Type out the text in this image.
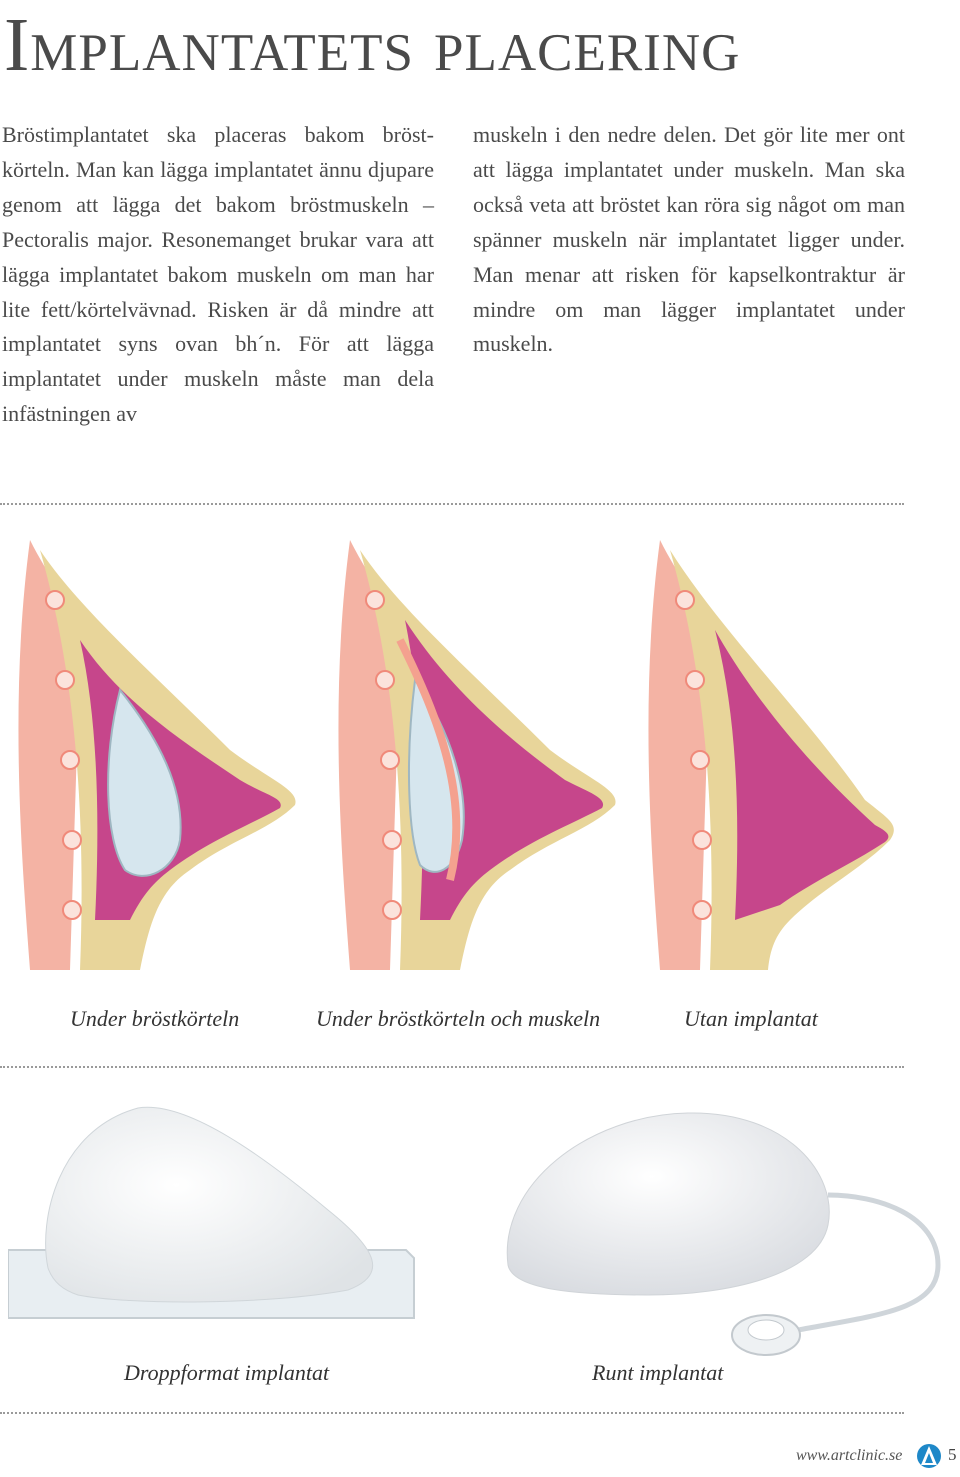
Implantatets placering

Bröstimplantatet ska placeras bakom bröstkörteln. Man kan lägga implantatet ännu djupare genom att lägga det bakom bröstmuskeln – Pectoralis major. Resonemanget brukar vara att lägga implantatet bakom muskeln om man har lite fett/körtelvävnad. Risken är då mindre att implantatet syns ovan bh´n. För att lägga implantatet under muskeln måste man dela infästningen av

muskeln i den nedre delen. Det gör lite mer ont att lägga implantatet under muskeln. Man ska också veta att bröstet kan röra sig något om man spänner muskeln när implantatet ligger under. Man menar att risken för kapselkontraktur är mindre om man lägger implantatet under muskeln.

Under bröstkörteln	Under bröstkörteln och muskeln	Utan implantat
Droppformat implantat	Runt implantat
www.artclinic.se	5
